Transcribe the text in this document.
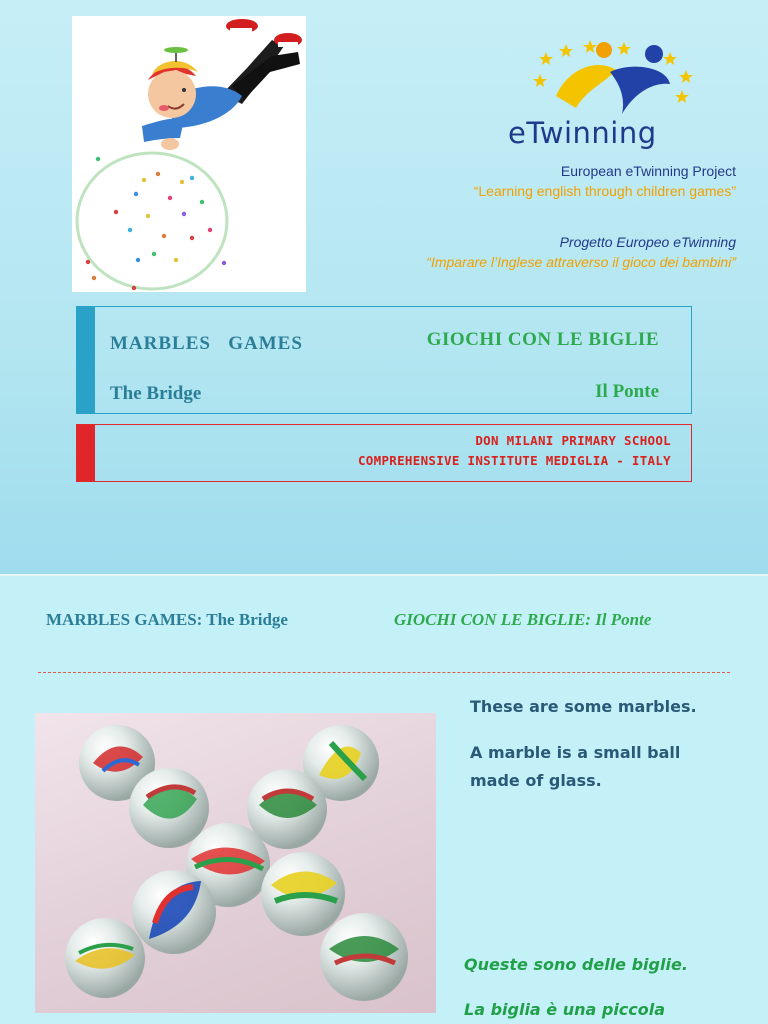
eTwinning
European eTwinning Project
“Learning english through children games”
Progetto Europeo eTwinning
“Imparare l’Inglese attraverso il gioco dei bambini”
MARBLES   GAMES
The Bridge
GIOCHI CON LE BIGLIE
Il Ponte
DON MILANI PRIMARY SCHOOL
COMPREHENSIVE INSTITUTE MEDIGLIA - ITALY
MARBLES GAMES: The Bridge	GIOCHI CON LE BIGLIE: Il Ponte
These are some marbles.
A marble is a small ball
made of glass.
Queste sono delle biglie.
La biglia è una piccola
